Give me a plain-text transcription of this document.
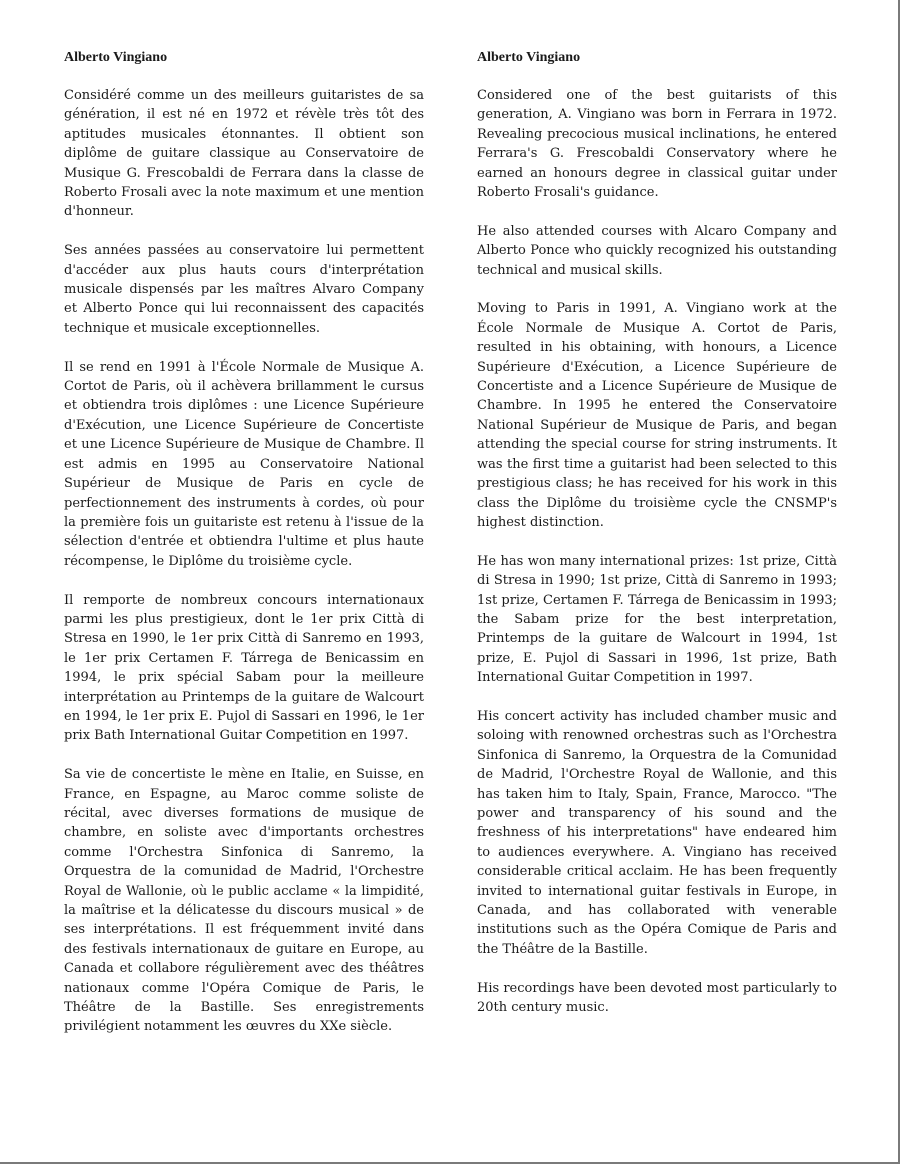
Alberto Vingiano

Considéré comme un des meilleurs guitaristes de sa génération, il est né en 1972 et révèle très tôt des aptitudes musicales étonnantes. Il obtient son diplôme de guitare classique au Conservatoire de Musique G. Frescobaldi de Ferrara dans la classe de Roberto Frosali avec la note maximum et une mention d'honneur.

Ses années passées au conservatoire lui permettent d'accéder aux plus hauts cours d'interprétation musicale dispensés par les maîtres Alvaro Company et Alberto Ponce qui lui reconnaissent des capacités technique et musicale exceptionnelles.

Il se rend en 1991 à l'École Normale de Musique A. Cortot de Paris, où il achèvera brillamment le cursus et obtiendra trois diplômes : une Licence Supérieure d'Exécution, une Licence Supérieure de Concertiste et une Licence Supérieure de Musique de Chambre. Il est admis en 1995 au Conservatoire National Supérieur de Musique de Paris en cycle de perfectionnement des instruments à cordes, où pour la première fois un guitariste est retenu à l'issue de la sélection d'entrée et obtiendra l'ultime et plus haute récompense, le Diplôme du troisième cycle.

Il remporte de nombreux concours internationaux parmi les plus prestigieux, dont le 1er prix Città di Stresa en 1990, le 1er prix Città di Sanremo en 1993, le 1er prix Certamen F. Tárrega de Benicassim en 1994, le prix spécial Sabam pour la meilleure interprétation au Printemps de la guitare de Walcourt en 1994, le 1er prix E. Pujol di Sassari en 1996, le 1er prix Bath International Guitar Competition en 1997.

Sa vie de concertiste le mène en Italie, en Suisse, en France, en Espagne, au Maroc comme soliste de récital, avec diverses formations de musique de chambre, en soliste avec d'importants orchestres comme l'Orchestra Sinfonica di Sanremo, la Orquestra de la comunidad de Madrid, l'Orchestre Royal de Wallonie, où le public acclame « la limpidité, la maîtrise et la délicatesse du discours musical » de ses interprétations. Il est fréquemment invité dans des festivals internationaux de guitare en Europe, au Canada et collabore régulièrement avec des théâtres nationaux comme l'Opéra Comique de Paris, le Théâtre de la Bastille. Ses enregistrements privilégient notamment les œuvres du XXe siècle.

Alberto Vingiano

Considered one of the best guitarists of this generation, A. Vingiano was born in Ferrara in 1972. Revealing precocious musical inclinations, he entered Ferrara's G. Frescobaldi Conservatory where he earned an honours degree in classical guitar under Roberto Frosali's guidance.

He also attended courses with Alcaro Company and Alberto Ponce who quickly recognized his outstanding technical and musical skills.

Moving to Paris in 1991, A. Vingiano work at the École Normale de Musique A. Cortot de Paris, resulted in his obtaining, with honours, a Licence Supérieure d'Exécution, a Licence Supérieure de Concertiste and a Licence Supérieure de Musique de Chambre. In 1995 he entered the Conservatoire National Supérieur de Musique de Paris, and began attending the special course for string instruments. It was the first time a guitarist had been selected to this prestigious class; he has received for his work in this class the Diplôme du troisième cycle the CNSMP's highest distinction.

He has won many international prizes: 1st prize, Città di Stresa in 1990; 1st prize, Città di Sanremo in 1993; 1st prize, Certamen F. Tárrega de Benicassim in 1993; the Sabam prize for the best interpretation, Printemps de la guitare de Walcourt in 1994, 1st prize, E. Pujol di Sassari in 1996, 1st prize, Bath International Guitar Competition in 1997.

His concert activity has included chamber music and soloing with renowned orchestras such as l'Orchestra Sinfonica di Sanremo, la Orquestra de la Comunidad de Madrid, l'Orchestre Royal de Wallonie, and this has taken him to Italy, Spain, France, Marocco. "The power and transparency of his sound and the freshness of his interpretations" have endeared him to audiences everywhere. A. Vingiano has received considerable critical acclaim. He has been frequently invited to international guitar festivals in Europe, in Canada, and has collaborated with venerable institutions such as the Opéra Comique de Paris and the Théâtre de la Bastille.

His recordings have been devoted most particularly to 20th century music.
